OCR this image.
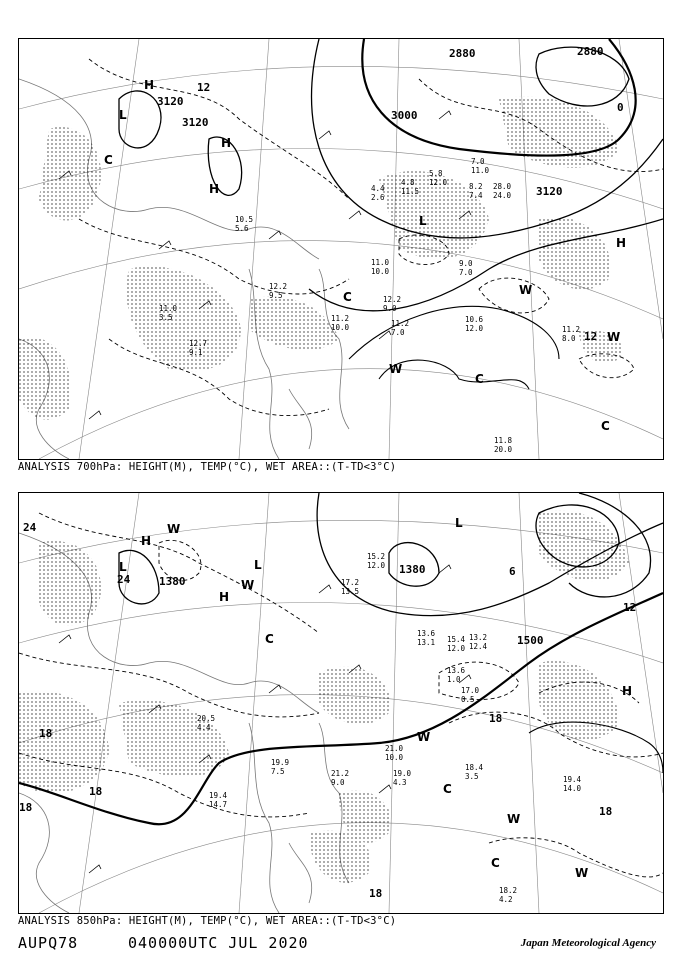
3000
3120
3120
3120
2880
2880
12
0
12
H
H
H
L
H
L
C
C
C
C
W
W
W
5.8
12.0
7.0
11.0
8.2
7.4
28.0
24.0
4.8
11.5
4.4
2.6
12.2
9.0
11.2
7.0
10.6
12.0	11.2
8.0
11.2
10.0
11.0
10.0
9.0
7.0
11.8
20.0
10.5
5.6
11.0
3.5
12.2
9.5
12.7
9.1
ANALYSIS 700hPa: HEIGHT(M), TEMP(°C), WET AREA::(T-TD<3°C)
1500
1380
1380
18
18
18
18
18
18
12
24
24
6
H
H
H
L
L
L
C
C
C
W
W
W
W
W
17.2
13.5
15.2
12.0
15.4
12.0
13.6
13.1
13.2
12.4
13.6
1.0
17.0
0.5
21.0
10.0
19.0
4.3
18.4
3.5
21.2
9.0
19.4
14.7
19.9
7.5
19.4
14.0
18.2
4.2
20.5
4.4
ANALYSIS 850hPa: HEIGHT(M), TEMP(°C), WET AREA::(T-TD<3°C)
AUPQ78	040000UTC JUL 2020	Japan Meteorological Agency
